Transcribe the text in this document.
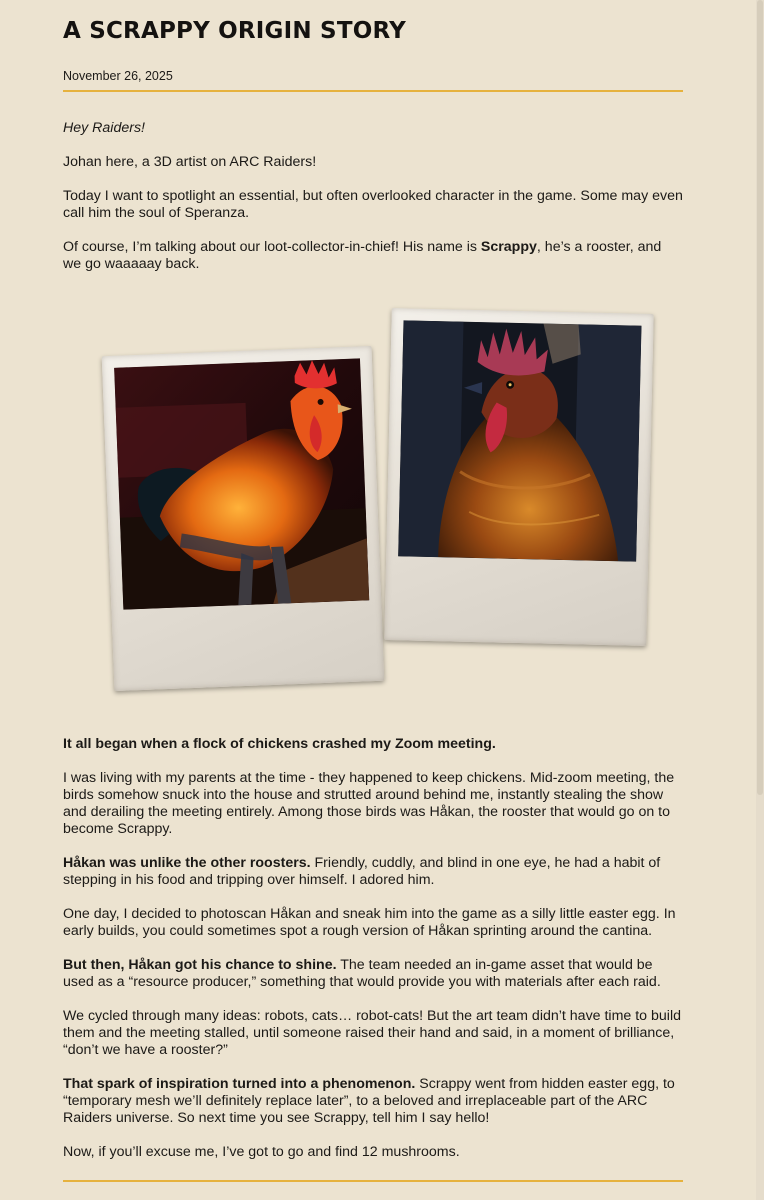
A SCRAPPY ORIGIN STORY
November 26, 2025

Hey Raiders!

Johan here, a 3D artist on ARC Raiders!

Today I want to spotlight an essential, but often overlooked character in the game. Some may even call him the soul of Speranza.

Of course, I’m talking about our loot-collector-in-chief! His name is Scrappy, he’s a rooster, and we go waaaaay back.

It all began when a flock of chickens crashed my Zoom meeting.

I was living with my parents at the time - they happened to keep chickens. Mid-zoom meeting, the birds somehow snuck into the house and strutted around behind me, instantly stealing the show and derailing the meeting entirely. Among those birds was Håkan, the rooster that would go on to become Scrappy.

Håkan was unlike the other roosters. Friendly, cuddly, and blind in one eye, he had a habit of stepping in his food and tripping over himself. I adored him.

One day, I decided to photoscan Håkan and sneak him into the game as a silly little easter egg. In early builds, you could sometimes spot a rough version of Håkan sprinting around the cantina.

But then, Håkan got his chance to shine. The team needed an in-game asset that would be used as a “resource producer,” something that would provide you with materials after each raid.

We cycled through many ideas: robots, cats… robot-cats! But the art team didn’t have time to build them and the meeting stalled, until someone raised their hand and said, in a moment of brilliance, “don’t we have a rooster?”

That spark of inspiration turned into a phenomenon. Scrappy went from hidden easter egg, to “temporary mesh we’ll definitely replace later”, to a beloved and irreplaceable part of the ARC Raiders universe. So next time you see Scrappy, tell him I say hello!

Now, if you’ll excuse me, I’ve got to go and find 12 mushrooms.
